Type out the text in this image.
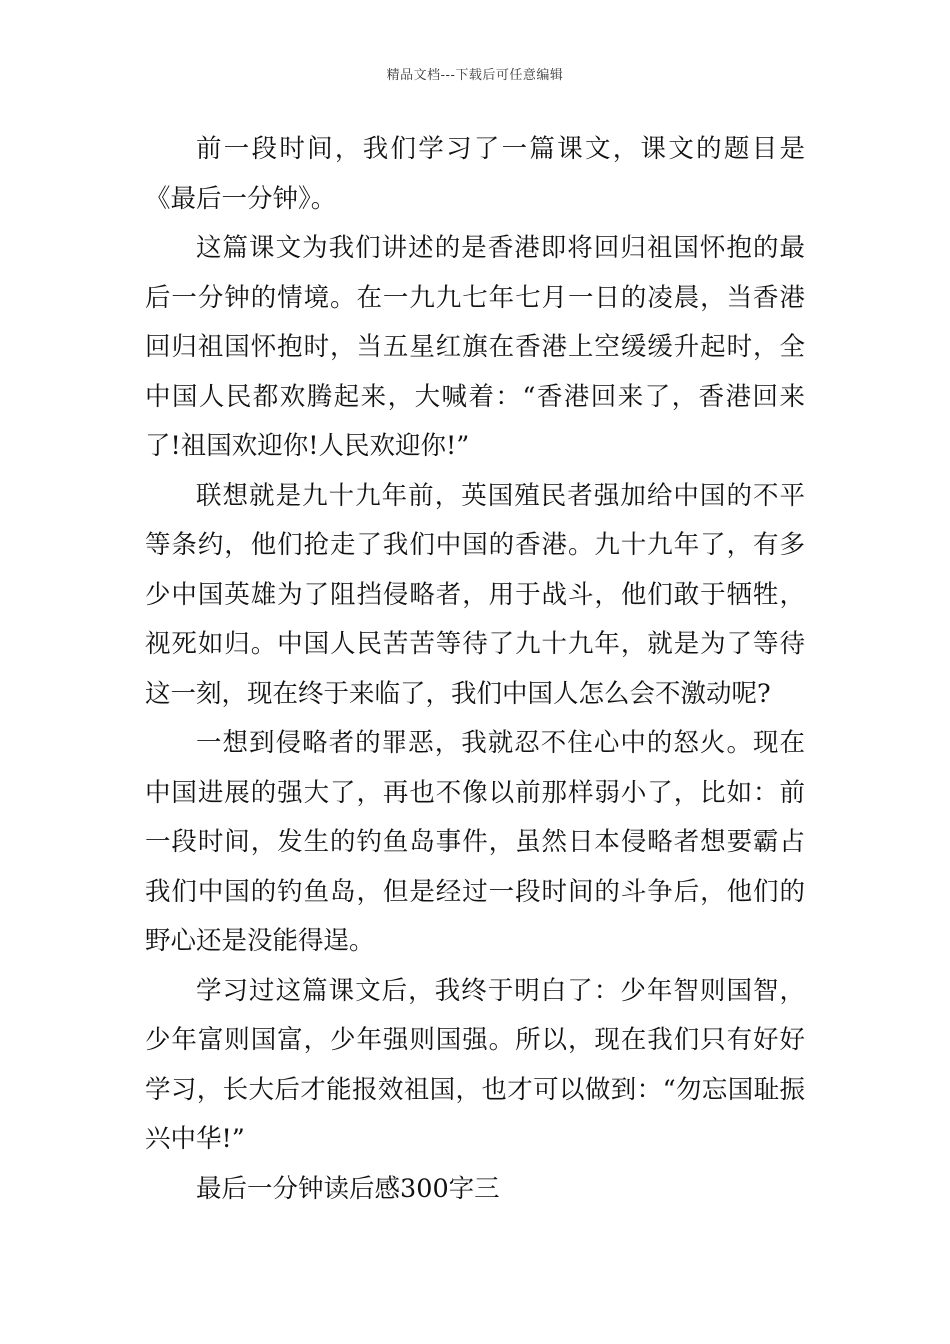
精品文档---下载后可任意编辑

前一段时间，我们学习了一篇课文，课文的题目是《最后一分钟》。

这篇课文为我们讲述的是香港即将回归祖国怀抱的最后一分钟的情境。在一九九七年七月一日的凌晨，当香港回归祖国怀抱时，当五星红旗在香港上空缓缓升起时，全中国人民都欢腾起来，大喊着：“香港回来了，香港回来了!祖国欢迎你!人民欢迎你!”

联想就是九十九年前，英国殖民者强加给中国的不平等条约，他们抢走了我们中国的香港。九十九年了，有多少中国英雄为了阻挡侵略者，用于战斗，他们敢于牺牲，视死如归。中国人民苦苦等待了九十九年，就是为了等待这一刻，现在终于来临了，我们中国人怎么会不激动呢?

一想到侵略者的罪恶，我就忍不住心中的怒火。现在中国进展的强大了，再也不像以前那样弱小了，比如：前一段时间，发生的钓鱼岛事件，虽然日本侵略者想要霸占我们中国的钓鱼岛，但是经过一段时间的斗争后，他们的野心还是没能得逞。

学习过这篇课文后，我终于明白了：少年智则国智，少年富则国富，少年强则国强。所以，现在我们只有好好学习，长大后才能报效祖国，也才可以做到：“勿忘国耻振兴中华!”

最后一分钟读后感300字三
